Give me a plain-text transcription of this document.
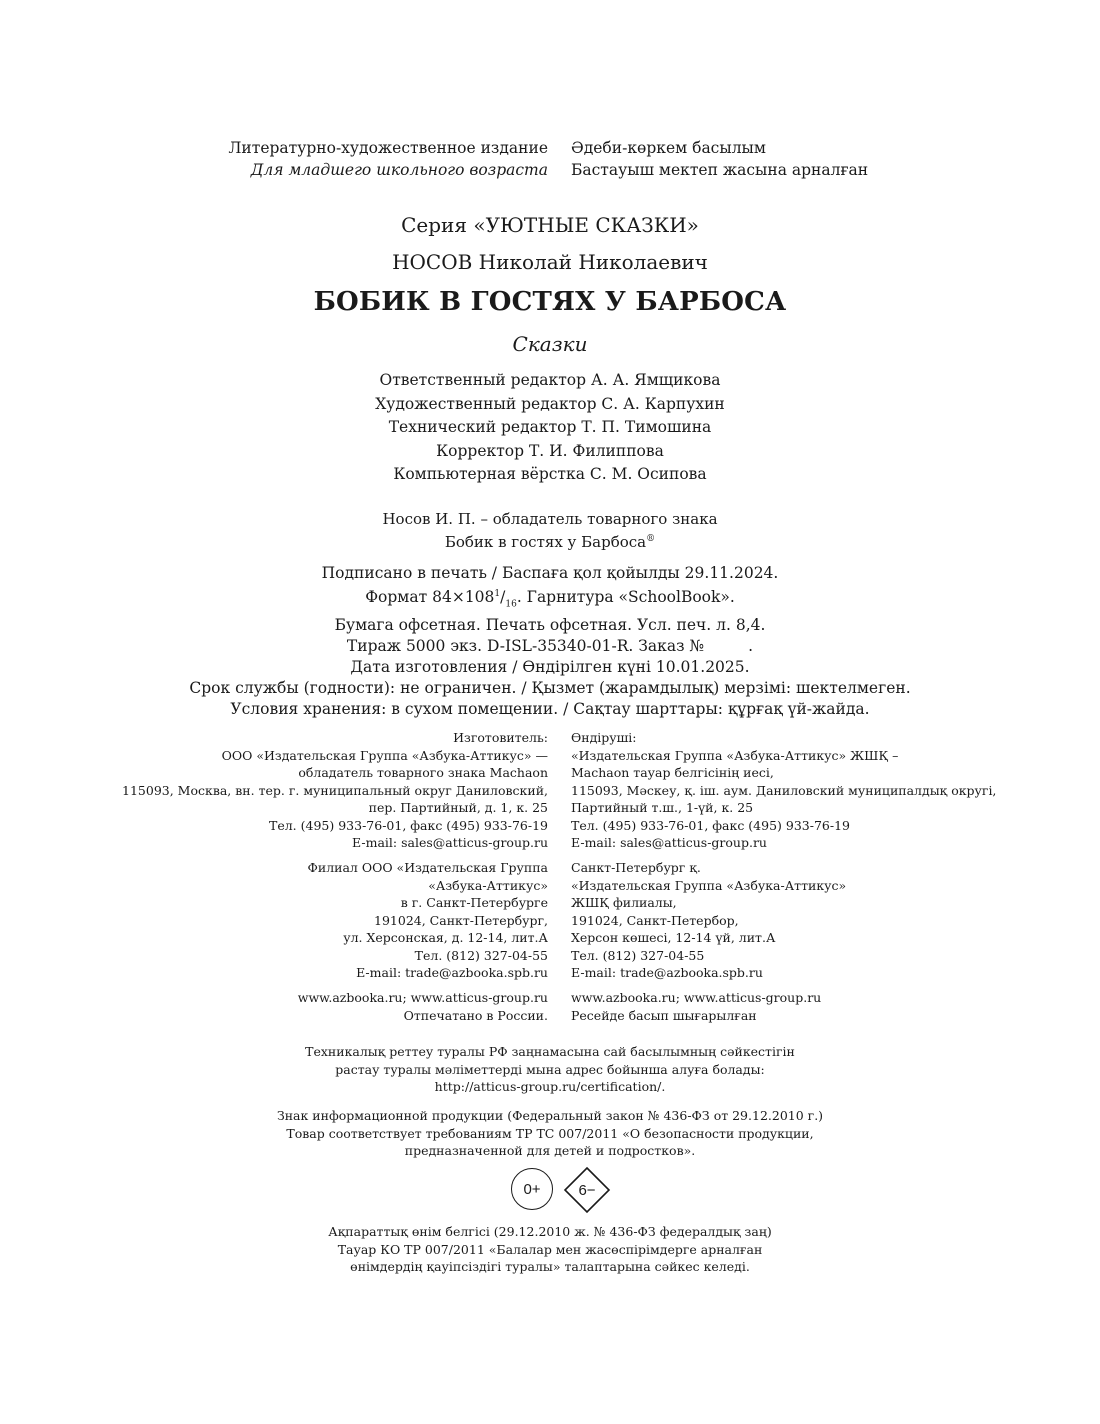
Литературно-художественное издание
Для младшего школьного возраста
Әдеби-көркем басылым
Бастауыш мектеп жасына арналған
Серия «УЮТНЫЕ СКАЗКИ»
НОСОВ Николай Николаевич
БОБИК В ГОСТЯХ У БАРБОСА
Сказки
Ответственный редактор А. А. Ямщикова
Художественный редактор С. А. Карпухин
Технический редактор Т. П. Тимошина
Корректор Т. И. Филиппова
Компьютерная вёрстка С. М. Осипова
Носов И. П. – обладатель товарного знака
Бобик в гостях у Барбоса®
Подписано в печать / Баспаға қол қойылды 29.11.2024.
Формат $84\times 108^1/_{16}$. Гарнитура «SchoolBook».
Бумага офсетная. Печать офсетная. Усл. печ. л. 8,4.
Тираж 5000 экз. D-ISL-35340-01-R. Заказ №	.
Дата изготовления / Өндірілген күні 10.01.2025.
Срок службы (годности): не ограничен. / Қызмет (жарамдылық) мерзімі: шектелмеген.
Условия хранения: в сухом помещении. / Сақтау шарттары: құрғақ үй-жайда.
Изготовитель:
ООО «Издательская Группа «Азбука-Аттикус» —
обладатель товарного знака Machaon
115093, Москва, вн. тер. г. муниципальный округ Даниловский,
пер. Партийный, д. 1, к. 25
Тел. (495) 933-76-01, факс (495) 933-76-19
E-mail: sales@atticus-group.ru
Өндіруші:
«Издательская Группа «Азбука-Аттикус» ЖШҚ –
Machaon тауар белгісінің иесі,
115093, Мәскеу, қ. іш. аум. Даниловский муниципалдық округі,
Партийный т.ш., 1-үй, к. 25
Тел. (495) 933-76-01, факс (495) 933-76-19
E-mail: sales@atticus-group.ru
Филиал ООО «Издательская Группа
«Азбука-Аттикус»
в г. Санкт-Петербурге
191024, Санкт-Петербург,
ул. Херсонская, д. 12-14, лит.А
Тел. (812) 327-04-55
E-mail: trade@azbooka.spb.ru
Санкт-Петербург қ.
«Издательская Группа «Азбука-Аттикус»
ЖШҚ филиалы,
191024, Санкт-Петербор,
Херсон көшесі, 12-14 үй, лит.А
Тел. (812) 327-04-55
E-mail: trade@azbooka.spb.ru
www.azbooka.ru; www.atticus-group.ru
Отпечатано в России.
www.azbooka.ru; www.atticus-group.ru
Ресейде басып шығарылған
Техникалық реттеу туралы РФ заңнамасына сай басылымның сәйкестігін
растау туралы мәліметтерді мына адрес бойынша алуға болады:
http://atticus-group.ru/certification/.
Знак информационной продукции (Федеральный закон № 436-ФЗ от 29.12.2010 г.)
Товар соответствует требованиям ТР ТС 007/2011 «О безопасности продукции,
предназначенной для детей и подростков».
0+	6−
Ақпараттық өнім белгісі (29.12.2010 ж. № 436-ФЗ федералдық заң)
Тауар КО ТР 007/2011 «Балалар мен жасөспірімдерге арналған
өнімдердің қауіпсіздігі туралы» талаптарына сәйкес келеді.
